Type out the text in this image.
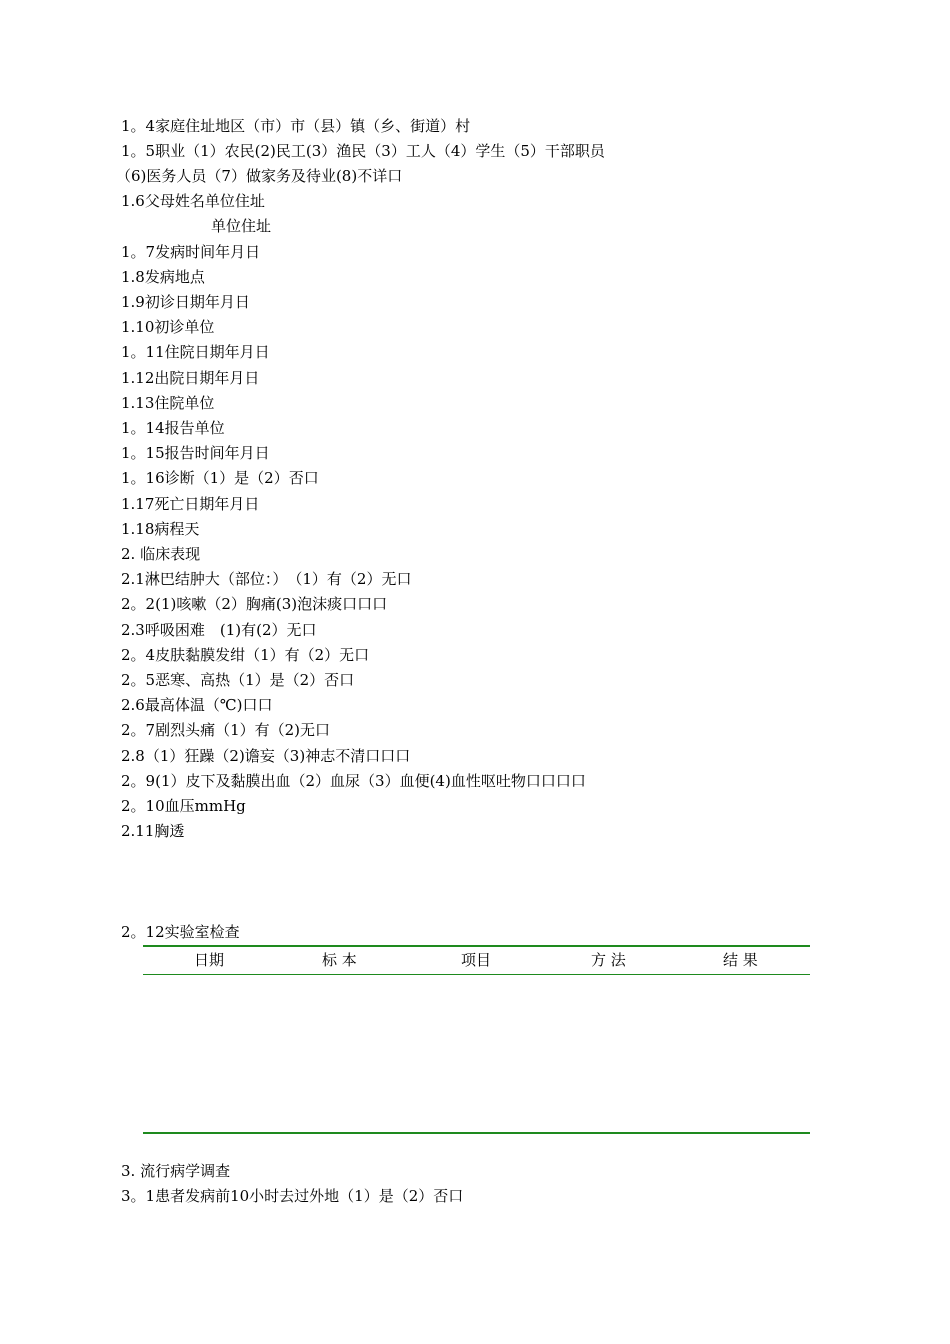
1。4家庭住址地区（市）市（县）镇（乡、街道）村
1。5职业（1）农民(2)民工(3）渔民（3）工人（4）学生（5）干部职员
（6)医务人员（7）做家务及待业(8)不详口
1.6父母姓名单位住址
　　　　　　单位住址
1。7发病时间年月日
1.8发病地点
1.9初诊日期年月日
1.10初诊单位
1。11住院日期年月日
1.12出院日期年月日
1.13住院单位
1。14报告单位
1。15报告时间年月日
1。16诊断（1）是（2）否口
1.17死亡日期年月日
1.18病程天
2. 临床表现
2.1淋巴结肿大（部位：）　（1）有（2）无口
2。2(1)咳嗽（2）胸痛(3)泡沫痰口口口
2.3呼吸困难　(1)有(2）无口
2。4皮肤黏膜发绀（1）有（2）无口
2。5恶寒、高热（1）是（2）否口
2.6最高体温（℃)口口
2。7剧烈头痛（1）有（2)无口
2.8（1）狂躁（2)谵妄（3)神志不清口口口
2。9(1）皮下及黏膜出血（2）血尿（3）血便(4)血性呕吐物口口口口
2。10血压mmHg
2.11胸透
2。12实验室检查
日期	标 本	项目	方 法	结 果
3. 流行病学调查
3。1患者发病前10小时去过外地（1）是（2）否口
